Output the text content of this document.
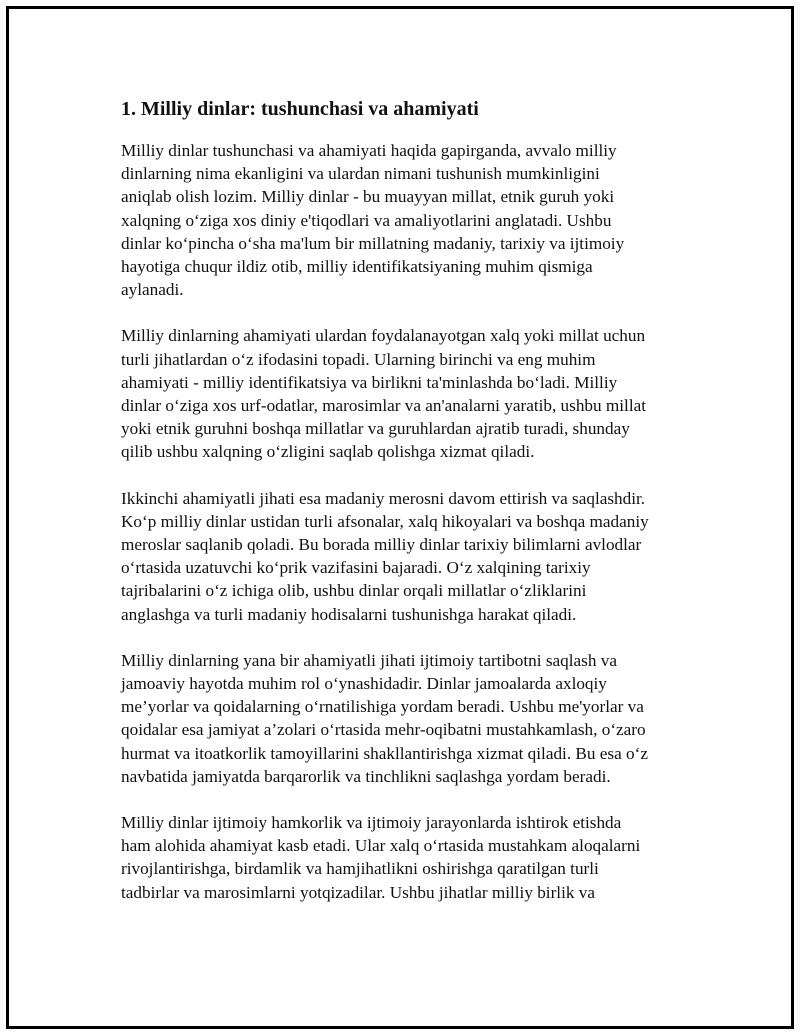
1. Milliy dinlar: tushunchasi va ahamiyati

Milliy dinlar tushunchasi va ahamiyati haqida gapirganda, avvalo milliy
dinlarning nima ekanligini va ulardan nimani tushunish mumkinligini
aniqlab olish lozim. Milliy dinlar - bu muayyan millat, etnik guruh yoki
xalqning o‘ziga xos diniy e'tiqodlari va amaliyotlarini anglatadi. Ushbu
dinlar ko‘pincha o‘sha ma'lum bir millatning madaniy, tarixiy va ijtimoiy
hayotiga chuqur ildiz otib, milliy identifikatsiyaning muhim qismiga
aylanadi.

Milliy dinlarning ahamiyati ulardan foydalanayotgan xalq yoki millat uchun
turli jihatlardan o‘z ifodasini topadi. Ularning birinchi va eng muhim
ahamiyati - milliy identifikatsiya va birlikni ta'minlashda bo‘ladi. Milliy
dinlar o‘ziga xos urf-odatlar, marosimlar va an'analarni yaratib, ushbu millat
yoki etnik guruhni boshqa millatlar va guruhlardan ajratib turadi, shunday
qilib ushbu xalqning o‘zligini saqlab qolishga xizmat qiladi.

Ikkinchi ahamiyatli jihati esa madaniy merosni davom ettirish va saqlashdir.
Ko‘p milliy dinlar ustidan turli afsonalar, xalq hikoyalari va boshqa madaniy
meroslar saqlanib qoladi. Bu borada milliy dinlar tarixiy bilimlarni avlodlar
o‘rtasida uzatuvchi ko‘prik vazifasini bajaradi. O‘z xalqining tarixiy
tajribalarini o‘z ichiga olib, ushbu dinlar orqali millatlar o‘zliklarini
anglashga va turli madaniy hodisalarni tushunishga harakat qiladi.

Milliy dinlarning yana bir ahamiyatli jihati ijtimoiy tartibotni saqlash va
jamoaviy hayotda muhim rol o‘ynashidadir. Dinlar jamoalarda axloqiy
me’yorlar va qoidalarning o‘rnatilishiga yordam beradi. Ushbu me'yorlar va
qoidalar esa jamiyat a’zolari o‘rtasida mehr-oqibatni mustahkamlash, o‘zaro
hurmat va itoatkorlik tamoyillarini shakllantirishga xizmat qiladi. Bu esa o‘z
navbatida jamiyatda barqarorlik va tinchlikni saqlashga yordam beradi.

Milliy dinlar ijtimoiy hamkorlik va ijtimoiy jarayonlarda ishtirok etishda
ham alohida ahamiyat kasb etadi. Ular xalq o‘rtasida mustahkam aloqalarni
rivojlantirishga, birdamlik va hamjihatlikni oshirishga qaratilgan turli
tadbirlar va marosimlarni yotqizadilar. Ushbu jihatlar milliy birlik va
